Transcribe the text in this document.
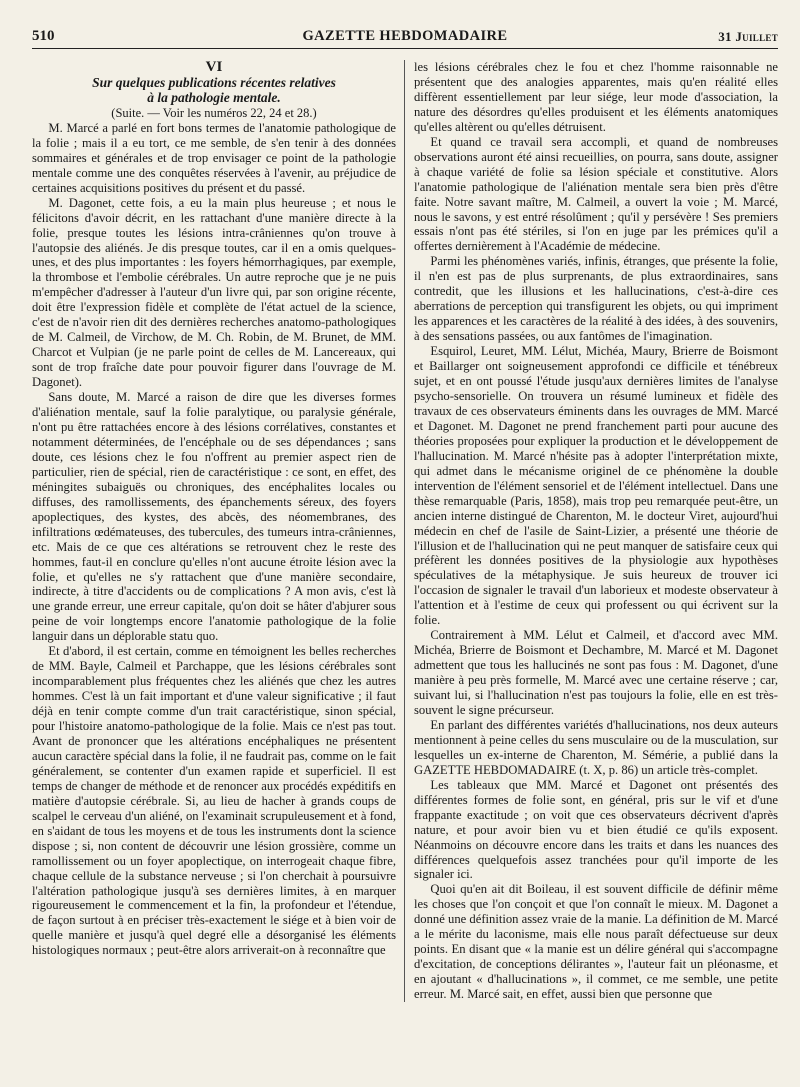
510	GAZETTE HEBDOMADAIRE	31 Juillet

VI

Sur quelques publications récentes relatives

à la pathologie mentale.

(Suite. — Voir les numéros 22, 24 et 28.)

M. Marcé a parlé en fort bons termes de l'anatomie pathologique de la folie ; mais il a eu tort, ce me semble, de s'en tenir à des données sommaires et générales et de trop envisager ce point de la pathologie mentale comme une des conquêtes réservées à l'avenir, au préjudice de certaines acquisitions positives du présent et du passé.

M. Dagonet, cette fois, a eu la main plus heureuse ; et nous le félicitons d'avoir décrit, en les rattachant d'une manière directe à la folie, presque toutes les lésions intra-crâniennes qu'on trouve à l'autopsie des aliénés. Je dis presque toutes, car il en a omis quelques-unes, et des plus importantes : les foyers hémorrhagiques, par exemple, la thrombose et l'embolie cérébrales. Un autre reproche que je ne puis m'empêcher d'adresser à l'auteur d'un livre qui, par son origine récente, doit être l'expression fidèle et complète de l'état actuel de la science, c'est de n'avoir rien dit des dernières recherches anatomo-pathologiques de M. Calmeil, de Virchow, de M. Ch. Robin, de M. Brunet, de MM. Charcot et Vulpian (je ne parle point de celles de M. Lancereaux, qui sont de trop fraîche date pour pouvoir figurer dans l'ouvrage de M. Dagonet).

Sans doute, M. Marcé a raison de dire que les diverses formes d'aliénation mentale, sauf la folie paralytique, ou paralysie générale, n'ont pu être rattachées encore à des lésions corrélatives, constantes et notamment déterminées, de l'encéphale ou de ses dépendances ; sans doute, ces lésions chez le fou n'offrent au premier aspect rien de particulier, rien de spécial, rien de caractéristique : ce sont, en effet, des méningites subaiguës ou chroniques, des encéphalites locales ou diffuses, des ramollissements, des épanchements séreux, des foyers apoplectiques, des kystes, des abcès, des néomembranes, des infiltrations œdémateuses, des tubercules, des tumeurs intra-crâniennes, etc. Mais de ce que ces altérations se retrouvent chez le reste des hommes, faut-il en conclure qu'elles n'ont aucune étroite lésion avec la folie, et qu'elles ne s'y rattachent que d'une manière secondaire, indirecte, à titre d'accidents ou de complications ? A mon avis, c'est là une grande erreur, une erreur capitale, qu'on doit se hâter d'abjurer sous peine de voir longtemps encore l'anatomie pathologique de la folie languir dans un déplorable statu quo.

Et d'abord, il est certain, comme en témoignent les belles recherches de MM. Bayle, Calmeil et Parchappe, que les lésions cérébrales sont incomparablement plus fréquentes chez les aliénés que chez les autres hommes. C'est là un fait important et d'une valeur significative ; il faut déjà en tenir compte comme d'un trait caractéristique, sinon spécial, pour l'histoire anatomo-pathologique de la folie. Mais ce n'est pas tout. Avant de prononcer que les altérations encéphaliques ne présentent aucun caractère spécial dans la folie, il ne faudrait pas, comme on le fait généralement, se contenter d'un examen rapide et superficiel. Il est temps de changer de méthode et de renoncer aux procédés expéditifs en matière d'autopsie cérébrale. Si, au lieu de hacher à grands coups de scalpel le cerveau d'un aliéné, on l'examinait scrupuleusement et à fond, en s'aidant de tous les moyens et de tous les instruments dont la science dispose ; si, non content de découvrir une lésion grossière, comme un ramollissement ou un foyer apoplectique, on interrogeait chaque fibre, chaque cellule de la substance nerveuse ; si l'on cherchait à poursuivre l'altération pathologique jusqu'à ses dernières limites, à en marquer rigoureusement le commencement et la fin, la profondeur et l'étendue, de façon surtout à en préciser très-exactement le siége et à bien voir de quelle manière et jusqu'à quel degré elle a désorganisé les éléments histologiques normaux ; peut-être alors arriverait-on à reconnaître que

les lésions cérébrales chez le fou et chez l'homme raisonnable ne présentent que des analogies apparentes, mais qu'en réalité elles diffèrent essentiellement par leur siége, leur mode d'association, la nature des désordres qu'elles produisent et les éléments anatomiques qu'elles altèrent ou qu'elles détruisent.

Et quand ce travail sera accompli, et quand de nombreuses observations auront été ainsi recueillies, on pourra, sans doute, assigner à chaque variété de folie sa lésion spéciale et constitutive. Alors l'anatomie pathologique de l'aliénation mentale sera bien près d'être faite. Notre savant maître, M. Calmeil, a ouvert la voie ; M. Marcé, nous le savons, y est entré résolûment ; qu'il y persévère ! Ses premiers essais n'ont pas été stériles, si l'on en juge par les prémices qu'il a offertes dernièrement à l'Académie de médecine.

Parmi les phénomènes variés, infinis, étranges, que présente la folie, il n'en est pas de plus surprenants, de plus extraordinaires, sans contredit, que les illusions et les hallucinations, c'est-à-dire ces aberrations de perception qui transfigurent les objets, ou qui impriment les apparences et les caractères de la réalité à des idées, à des souvenirs, à des sensations passées, ou aux fantômes de l'imagination.

Esquirol, Leuret, MM. Lélut, Michéa, Maury, Brierre de Boismont et Baillarger ont soigneusement approfondi ce difficile et ténébreux sujet, et en ont poussé l'étude jusqu'aux dernières limites de l'analyse psycho-sensorielle. On trouvera un résumé lumineux et fidèle des travaux de ces observateurs éminents dans les ouvrages de MM. Marcé et Dagonet. M. Dagonet ne prend franchement parti pour aucune des théories proposées pour expliquer la production et le développement de l'hallucination. M. Marcé n'hésite pas à adopter l'interprétation mixte, qui admet dans le mécanisme originel de ce phénomène la double intervention de l'élément sensoriel et de l'élément intellectuel. Dans une thèse remarquable (Paris, 1858), mais trop peu remarquée peut-être, un ancien interne distingué de Charenton, M. le docteur Viret, aujourd'hui médecin en chef de l'asile de Saint-Lizier, a présenté une théorie de l'illusion et de l'hallucination qui ne peut manquer de satisfaire ceux qui préfèrent les données positives de la physiologie aux hypothèses spéculatives de la métaphysique. Je suis heureux de trouver ici l'occasion de signaler le travail d'un laborieux et modeste observateur à l'attention et à l'estime de ceux qui professent ou qui écrivent sur la folie.

Contrairement à MM. Lélut et Calmeil, et d'accord avec MM. Michéa, Brierre de Boismont et Dechambre, M. Marcé et M. Dagonet admettent que tous les hallucinés ne sont pas fous : M. Dagonet, d'une manière à peu près formelle, M. Marcé avec une certaine réserve ; car, suivant lui, si l'hallucination n'est pas toujours la folie, elle en est très-souvent le signe précurseur.

En parlant des différentes variétés d'hallucinations, nos deux auteurs mentionnent à peine celles du sens musculaire ou de la musculation, sur lesquelles un ex-interne de Charenton, M. Sémérie, a publié dans la GAZETTE HEBDOMADAIRE (t. X, p. 86) un article très-complet.

Les tableaux que MM. Marcé et Dagonet ont présentés des différentes formes de folie sont, en général, pris sur le vif et d'une frappante exactitude ; on voit que ces observateurs décrivent d'après nature, et pour avoir bien vu et bien étudié ce qu'ils exposent. Néanmoins on découvre encore dans les traits et dans les nuances des différences quelquefois assez tranchées pour qu'il importe de les signaler ici.

Quoi qu'en ait dit Boileau, il est souvent difficile de définir même les choses que l'on conçoit et que l'on connaît le mieux. M. Dagonet a donné une définition assez vraie de la manie. La définition de M. Marcé a le mérite du laconisme, mais elle nous paraît défectueuse sur deux points. En disant que « la manie est un délire général qui s'accompagne d'excitation, de conceptions délirantes », l'auteur fait un pléonasme, et en ajoutant « d'hallucinations », il commet, ce me semble, une petite erreur. M. Marcé sait, en effet, aussi bien que personne que
